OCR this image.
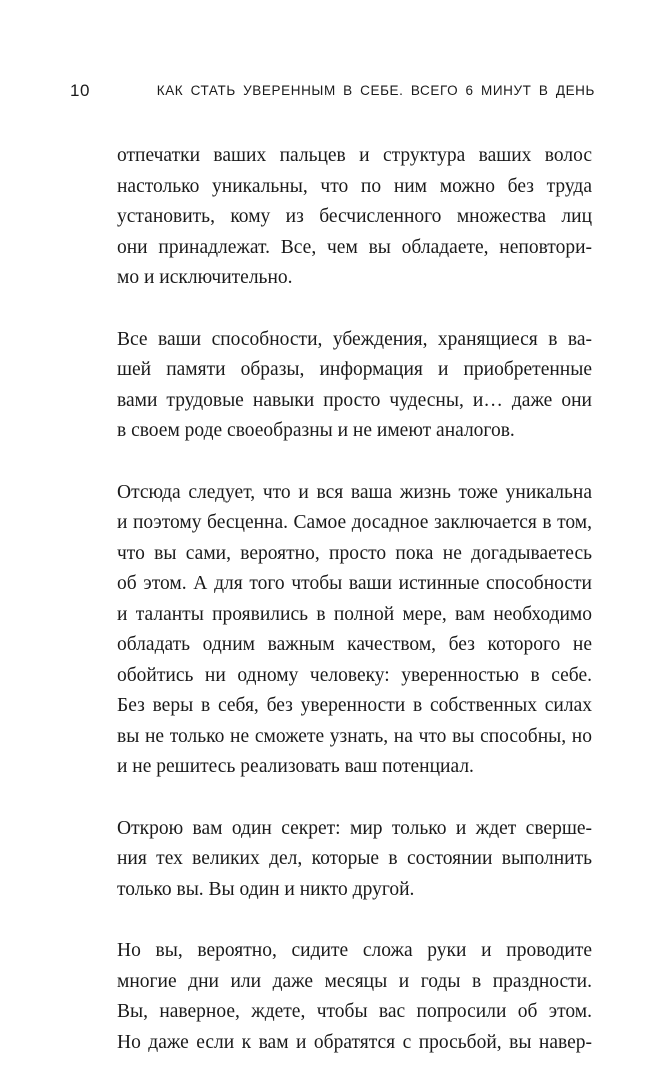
10	КАК СТАТЬ УВЕРЕННЫМ В СЕБЕ. ВСЕГО 6 МИНУТ В ДЕНЬ

отпечатки ваших пальцев и структура ваших волос
настолько уникальны, что по ним можно без труда
установить, кому из бесчисленного множества лиц
они принадлежат. Все, чем вы обладаете, неповтори-
мо и исключительно.

Все ваши способности, убеждения, хранящиеся в ва-
шей памяти образы, информация и приобретенные
вами трудовые навыки просто чудесны, и… даже они
в своем роде своеобразны и не имеют аналогов.

Отсюда следует, что и вся ваша жизнь тоже уникальна
и поэтому бесценна. Самое досадное заключается в том,
что вы сами, вероятно, просто пока не догадываетесь
об этом. А для того чтобы ваши истинные способности
и таланты проявились в полной мере, вам необходимо
обладать одним важным качеством, без которого не
обойтись ни одному человеку: уверенностью в себе.
Без веры в себя, без уверенности в собственных силах
вы не только не сможете узнать, на что вы способны, но
и не решитесь реализовать ваш потенциал.

Открою вам один секрет: мир только и ждет сверше-
ния тех великих дел, которые в состоянии выполнить
только вы. Вы один и никто другой.

Но вы, вероятно, сидите сложа руки и проводите
многие дни или даже месяцы и годы в праздности.
Вы, наверное, ждете, чтобы вас попросили об этом.
Но даже если к вам и обратятся с просьбой, вы навер-
